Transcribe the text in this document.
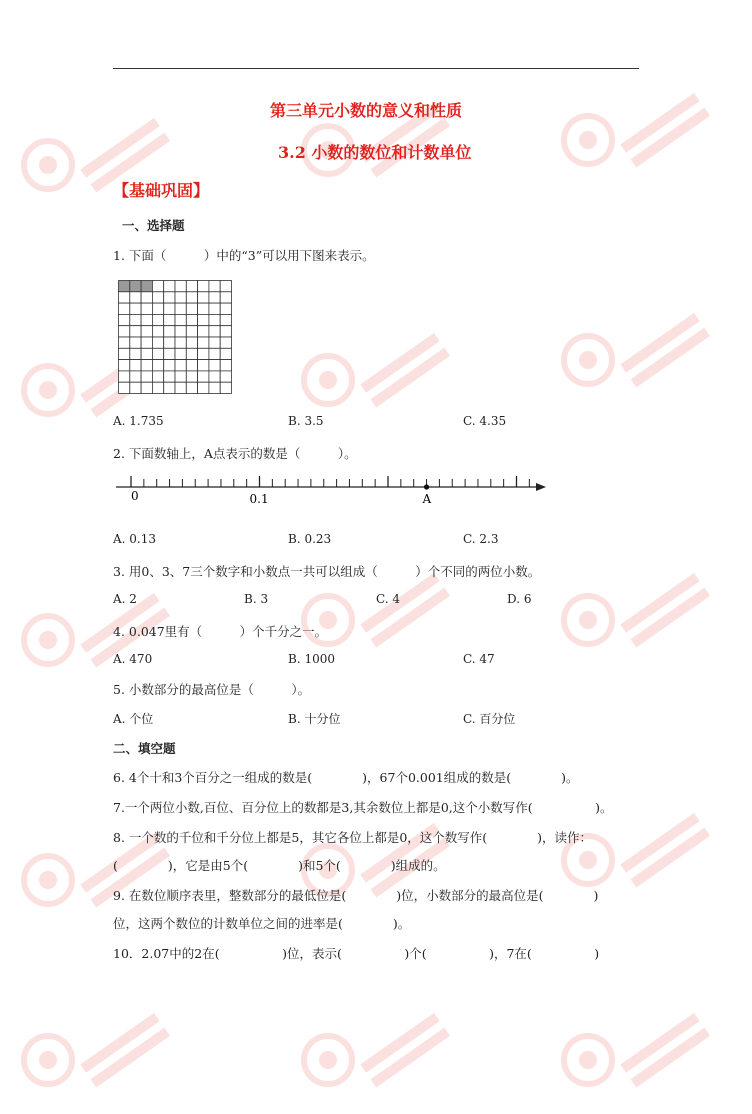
第三单元小数的意义和性质
3.2 小数的数位和计数单位
【基础巩固】
一、选择题
1. 下面（　　　）中的“3”可以用下图来表示。
A. 1.735	B. 3.5	C. 4.35
2. 下面数轴上，A点表示的数是（　　　）。
0	0.1	A
A. 0.13	B. 0.23	C. 2.3
3. 用0、3、7三个数字和小数点一共可以组成（　　　）个不同的两位小数。
A. 2	B. 3	C. 4	D. 6
4. 0.047里有（　　　）个千分之一。
A. 470	B. 1000	C. 47
5. 小数部分的最高位是（　　　）。
A. 个位	B. 十分位	C. 百分位
二、填空题
6. 4个十和3个百分之一组成的数是(　　　　)，67个0.001组成的数是(　　　　)。
7.一个两位小数,百位、百分位上的数都是3,其余数位上都是0,这个小数写作(　　　　　)。
8. 一个数的千位和千分位上都是5，其它各位上都是0，这个数写作(　　　　)，读作：
(　　　　)，它是由5个(　　　　)和5个(　　　　)组成的。
9. 在数位顺序表里，整数部分的最低位是(　　　　)位，小数部分的最高位是(　　　　)
位，这两个数位的计数单位之间的进率是(　　　　)。
10．2.07中的2在(　　　　　)位，表示(　　　　　)个(　　　　　)，7在(　　　　　)
